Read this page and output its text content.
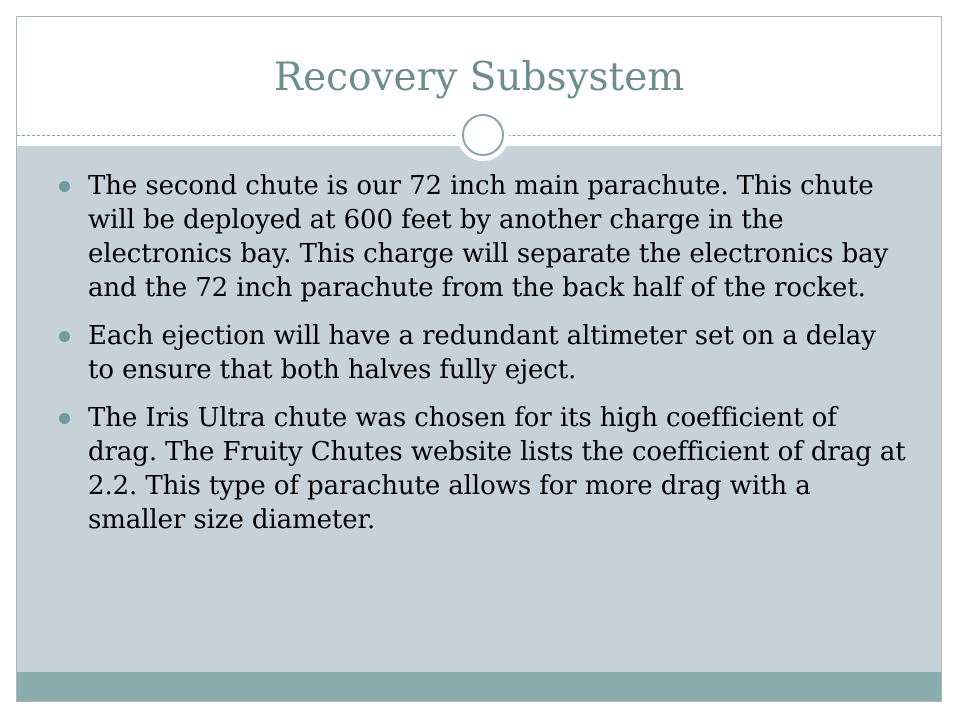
Recovery Subsystem
The second chute is our 72 inch main parachute. This chute will be deployed at 600 feet by another charge in the electronics bay. This charge will separate the electronics bay and the 72 inch parachute from the back half of the rocket.
Each ejection will have a redundant altimeter set on a delay to ensure that both halves fully eject.
The Iris Ultra chute was chosen for its high coefficient of drag. The Fruity Chutes website lists the coefficient of drag at 2.2. This type of parachute allows for more drag with a smaller size diameter.
